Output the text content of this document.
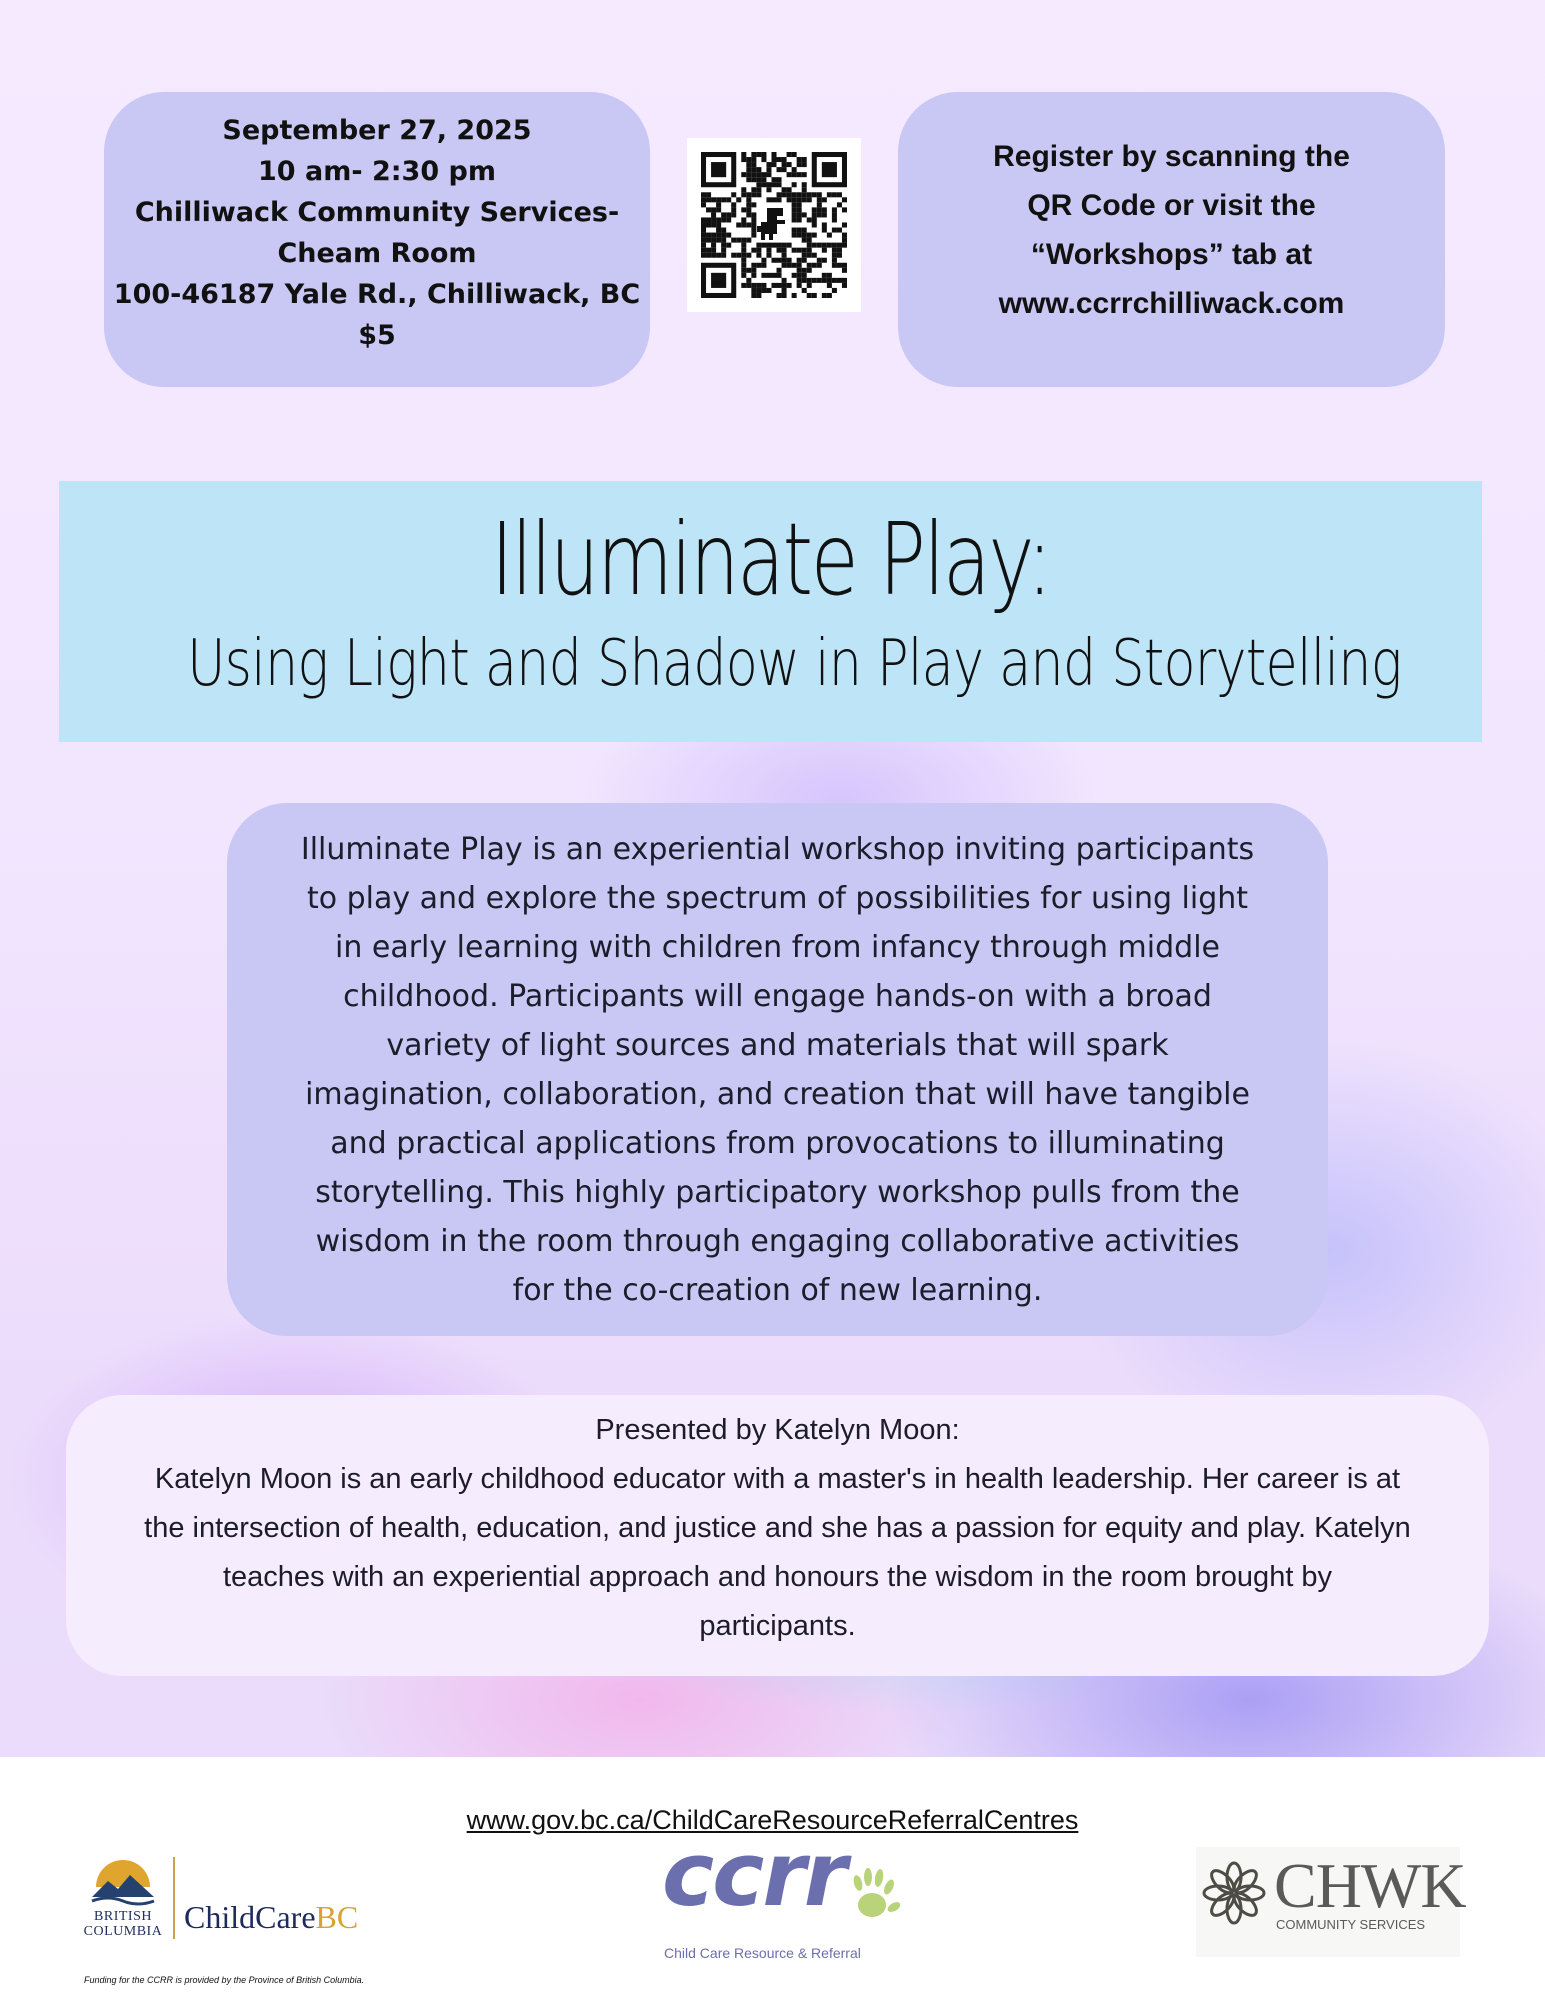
September 27, 2025
10 am- 2:30 pm
Chilliwack Community Services-
Cheam Room
100-46187 Yale Rd., Chilliwack, BC
$5
Register by scanning the
QR Code or visit the
“Workshops” tab at
www.ccrrchilliwack.com
Illuminate Play:
Using Light and Shadow in Play and Storytelling
Illuminate Play is an experiential workshop inviting participants
to play and explore the spectrum of possibilities for using light
in early learning with children from infancy through middle
childhood. Participants will engage hands-on with a broad
variety of light sources and materials that will spark
imagination, collaboration, and creation that will have tangible
and practical applications from provocations to illuminating
storytelling. This highly participatory workshop pulls from the
wisdom in the room through engaging collaborative activities
for the co-creation of new learning.
Presented by Katelyn Moon:
Katelyn Moon is an early childhood educator with a master's in health leadership. Her career is at
the intersection of health, education, and justice and she has a passion for equity and play. Katelyn
teaches with an experiential approach and honours the wisdom in the room brought by
participants.
www.gov.bc.ca/ChildCareResourceReferralCentres
BRITISH
COLUMBIA ChildCareBC
Funding for the CCRR is provided by the Province of British Columbia.
ccrr
Child Care Resource & Referral
CHWK
COMMUNITY SERVICES
